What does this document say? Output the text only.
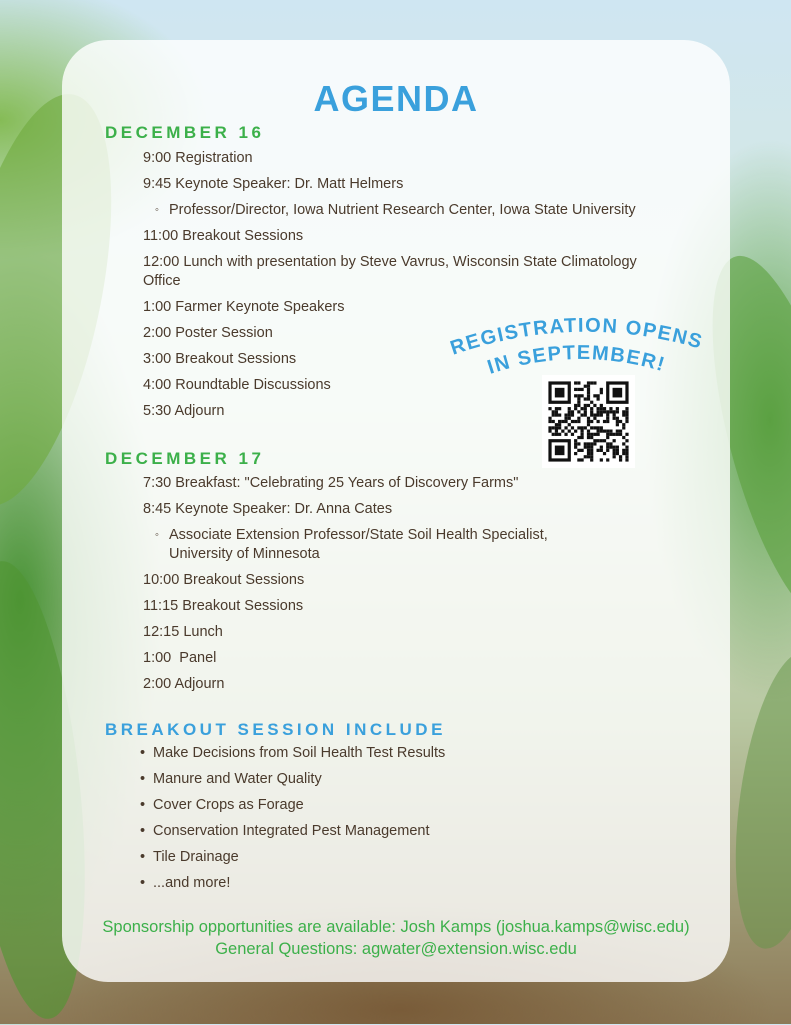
AGENDA
DECEMBER 16

9:00 Registration

9:45 Keynote Speaker: Dr. Matt Helmers

◦ Professor/Director, Iowa Nutrient Research Center, Iowa State University

11:00 Breakout Sessions

12:00 Lunch with presentation by Steve Vavrus, Wisconsin State Climatology

Office

1:00 Farmer Keynote Speakers

2:00 Poster Session

3:00 Breakout Sessions

4:00 Roundtable Discussions

5:30 Adjourn

REGISTRATION OPENS
IN SEPTEMBER!
DECEMBER 17

7:30 Breakfast: "Celebrating 25 Years of Discovery Farms"

8:45 Keynote Speaker: Dr. Anna Cates

◦ Associate Extension Professor/State Soil Health Specialist,

University of Minnesota

10:00 Breakout Sessions

11:15 Breakout Sessions

12:15 Lunch

1:00  Panel

2:00 Adjourn

BREAKOUT SESSION INCLUDE

• Make Decisions from Soil Health Test Results

• Manure and Water Quality

• Cover Crops as Forage

• Conservation Integrated Pest Management

• Tile Drainage

• ...and more!

Sponsorship opportunities are available: Josh Kamps (joshua.kamps@wisc.edu)

General Questions: agwater@extension.wisc.edu
